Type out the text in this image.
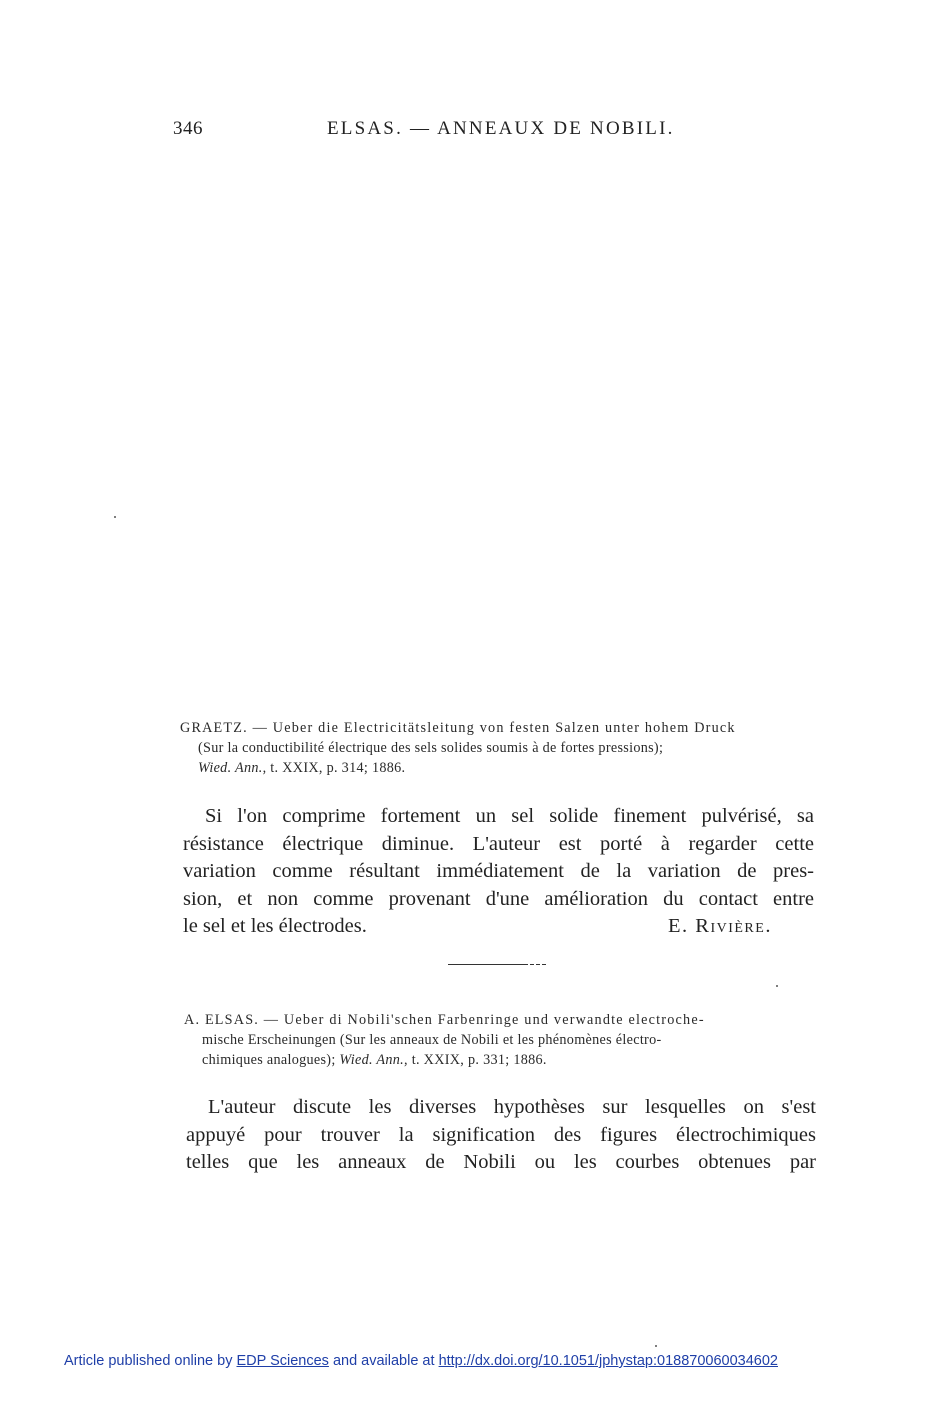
346	ELSAS. — ANNEAUX DE NOBILI.
GRAETZ. — Ueber die Electricitätsleitung von festen Salzen unter hohem Druck
(Sur la conductibilité électrique des sels solides soumis à de fortes pressions);
Wied. Ann., t. XXIX, p. 314; 1886.
Si l'on comprime fortement un sel solide finement pulvérisé, sa
résistance électrique diminue. L'auteur est porté à regarder cette
variation comme résultant immédiatement de la variation de pres-
sion, et non comme provenant d'une amélioration du contact entre
le sel et les électrodes.	E. Rivière.
A. ELSAS. — Ueber di Nobili'schen Farbenringe und verwandte electroche-
mische Erscheinungen (Sur les anneaux de Nobili et les phénomènes électro-
chimiques analogues); Wied. Ann., t. XXIX, p. 331; 1886.
L'auteur discute les diverses hypothèses sur lesquelles on s'est
appuyé pour trouver la signification des figures électrochimiques
telles que les anneaux de Nobili ou les courbes obtenues par
Article published online by EDP Sciences and available at http://dx.doi.org/10.1051/jphystap:018870060034602
